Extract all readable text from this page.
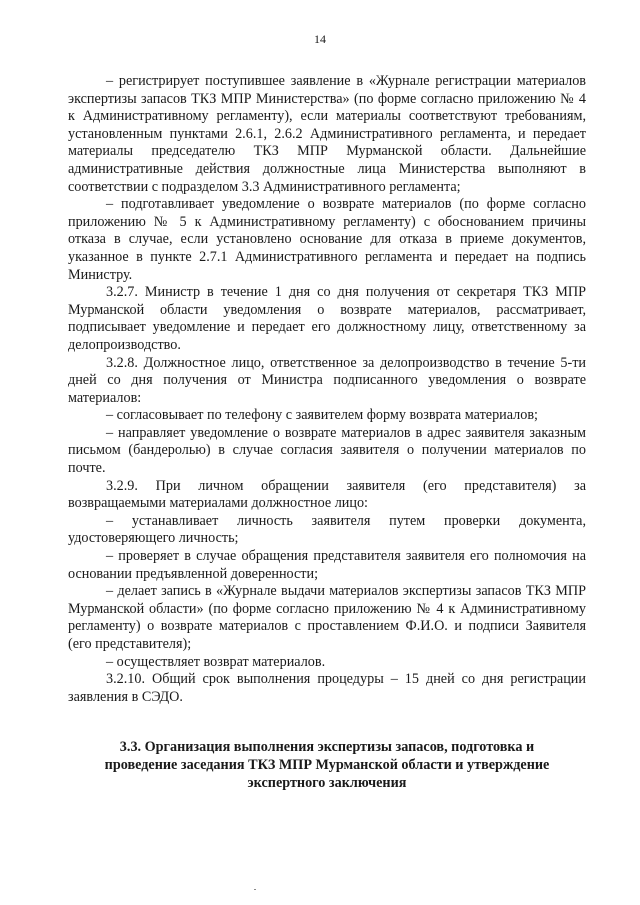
14

– регистрирует поступившее заявление в «Журнале регистрации материалов экспертизы запасов ТКЗ МПР Министерства» (по форме согласно приложению № 4 к Административному регламенту), если материалы соответствуют требованиям, установленным пунктами 2.6.1, 2.6.2 Административного регламента, и передает материалы председателю ТКЗ МПР Мурманской области. Дальнейшие административные действия должностные лица Министерства выполняют в соответствии с подразделом 3.3 Административного регламента;

– подготавливает уведомление о возврате материалов (по форме согласно приложению № 5 к Административному регламенту) с обоснованием причины отказа в случае, если установлено основание для отказа в приеме документов, указанное в пункте 2.7.1 Административного регламента и передает на подпись Министру.

3.2.7. Министр в течение 1 дня со дня получения от секретаря ТКЗ МПР Мурманской области уведомления о возврате материалов, рассматривает, подписывает уведомление и передает его должностному лицу, ответственному за делопроизводство.

3.2.8. Должностное лицо, ответственное за делопроизводство в течение 5-ти дней со дня получения от Министра подписанного уведомления о возврате материалов:

– согласовывает по телефону с заявителем форму возврата материалов;

– направляет уведомление о возврате материалов в адрес заявителя заказным письмом (бандеролью) в случае согласия заявителя о получении материалов по почте.

3.2.9. При личном обращении заявителя (его представителя) за возвращаемыми материалами должностное лицо:

– устанавливает личность заявителя путем проверки документа, удостоверяющего личность;

– проверяет в случае обращения представителя заявителя его полномочия на основании предъявленной доверенности;

– делает запись в «Журнале выдачи материалов экспертизы запасов ТКЗ МПР Мурманской области» (по форме согласно приложению № 4 к Административному регламенту) о возврате материалов с проставлением Ф.И.О. и подписи Заявителя (его представителя);

– осуществляет возврат материалов.

3.2.10. Общий срок выполнения процедуры – 15 дней со дня регистрации заявления в СЭДО.

3.3. Организация выполнения экспертизы запасов, подготовка и
проведение заседания ТКЗ МПР Мурманской области и утверждение
экспертного заключения
